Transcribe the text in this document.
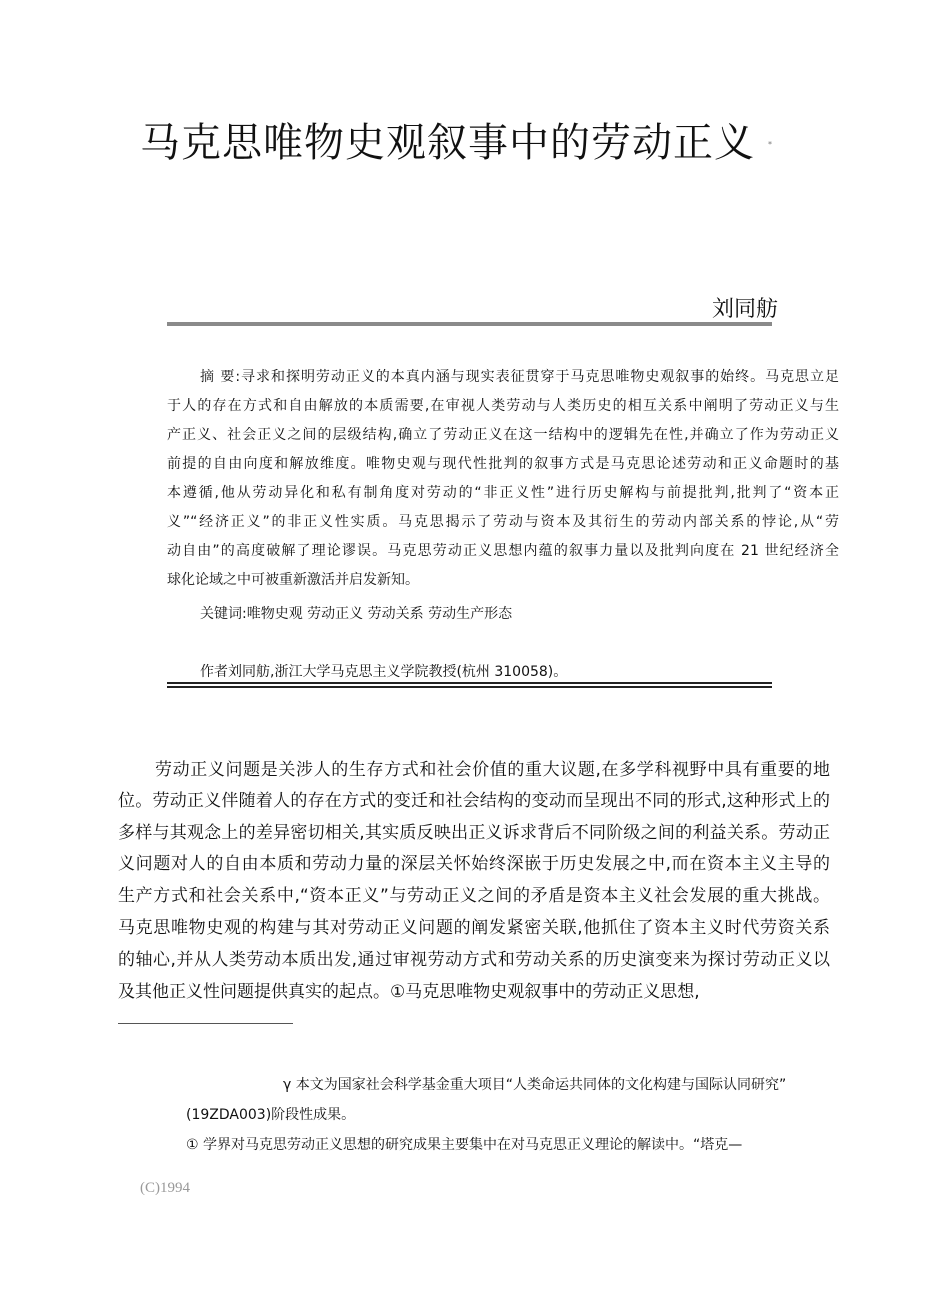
马克思唯物史观叙事中的劳动正义 *
刘同舫
摘 要:寻求和探明劳动正义的本真内涵与现实表征贯穿于马克思唯物史观叙事的始终。马克思立足
于人的存在方式和自由解放的本质需要,在审视人类劳动与人类历史的相互关系中阐明了劳动正义与生
产正义、社会正义之间的层级结构,确立了劳动正义在这一结构中的逻辑先在性,并确立了作为劳动正义
前提的自由向度和解放维度。唯物史观与现代性批判的叙事方式是马克思论述劳动和正义命题时的基
本遵循,他从劳动异化和私有制角度对劳动的“非正义性”进行历史解构与前提批判,批判了“资本正
义”“经济正义”的非正义性实质。马克思揭示了劳动与资本及其衍生的劳动内部关系的悖论,从“劳
动自由”的高度破解了理论谬误。马克思劳动正义思想内蕴的叙事力量以及批判向度在 21 世纪经济全
球化论域之中可被重新激活并启发新知。
关键词:唯物史观 劳动正义 劳动关系 劳动生产形态
作者刘同舫,浙江大学马克思主义学院教授(杭州 310058)。
劳动正义问题是关涉人的生存方式和社会价值的重大议题,在多学科视野中具有重要的地
位。劳动正义伴随着人的存在方式的变迁和社会结构的变动而呈现出不同的形式,这种形式上的
多样与其观念上的差异密切相关,其实质反映出正义诉求背后不同阶级之间的利益关系。劳动正
义问题对人的自由本质和劳动力量的深层关怀始终深嵌于历史发展之中,而在资本主义主导的
生产方式和社会关系中,“资本正义”与劳动正义之间的矛盾是资本主义社会发展的重大挑战。
马克思唯物史观的构建与其对劳动正义问题的阐发紧密关联,他抓住了资本主义时代劳资关系
的轴心,并从人类劳动本质出发,通过审视劳动方式和劳动关系的历史演变来为探讨劳动正义以
及其他正义性问题提供真实的起点。①马克思唯物史观叙事中的劳动正义思想,
γ 本文为国家社会科学基金重大项目“人类命运共同体的文化构建与国际认同研究”
(19ZDA003)阶段性成果。
① 学界对马克思劳动正义思想的研究成果主要集中在对马克思正义理论的解读中。“塔克—
(C)1994
